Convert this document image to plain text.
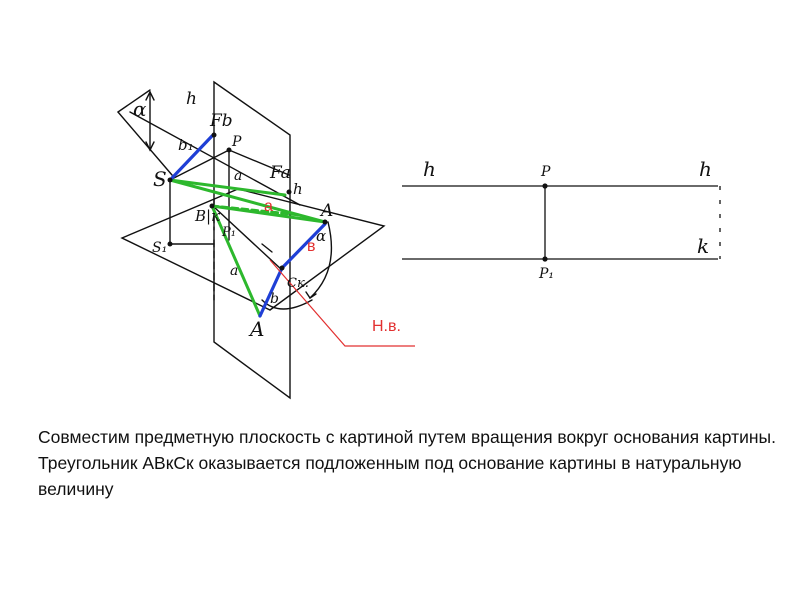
α h
Fb
P
b₁
S	a Fa
h
B|к	A
S₁
P₁
a
b
Cк.
A
α
а
в
Н.в.
h	P	h
k
P₁

Совместим предметную плоскость с картиной путем вращения вокруг основания картины.

Треугольник АВкСк оказывается подложенным под основание картины в натуральную величину
